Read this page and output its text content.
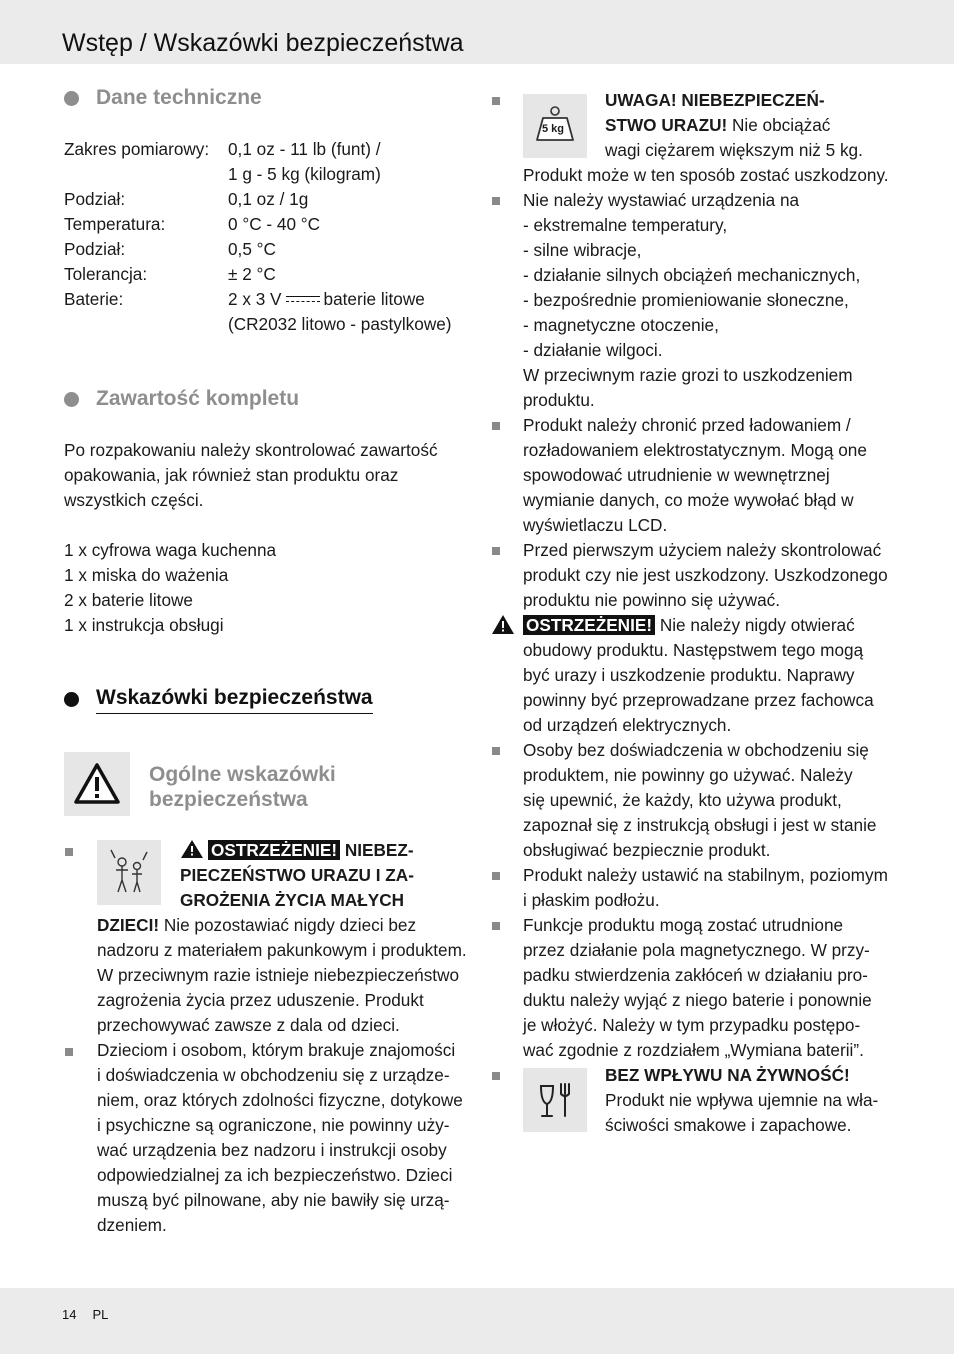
Wstęp / Wskazówki bezpieczeństwa
14 PL
Dane techniczne
Zakres pomiarowy:	0,1 oz - 11 lb (funt) /
	1 g - 5 kg (kilogram)
Podział:	0,1 oz / 1g
Temperatura:	0 °C - 40 °C
Podział:	0,5 °C
Tolerancja:	± 2 °C
Baterie:	2 x 3 V baterie litowe
	(CR2032 litowo - pastylkowe)
Zawartość kompletu
Po rozpakowaniu należy skontrolować zawartość
opakowania, jak również stan produktu oraz
wszystkich części.
1 x cyfrowa waga kuchenna
1 x miska do ważenia
2 x baterie litowe
1 x instrukcja obsługi
Wskazówki bezpieczeństwa
Ogólne wskazówki
bezpieczeństwa
OSTRZEŻENIE! NIEBEZ-
PIECZEŃSTWO URAZU I ZA-
GROŻENIA ŻYCIA MAŁYCH
DZIECI! Nie pozostawiać nigdy dzieci bez
nadzoru z materiałem pakunkowym i produktem.
W przeciwnym razie istnieje niebezpieczeństwo
zagrożenia życia przez uduszenie. Produkt
przechowywać zawsze z dala od dzieci.
Dzieciom i osobom, którym brakuje znajomości
i doświadczenia w obchodzeniu się z urządze-
niem, oraz których zdolności fizyczne, dotykowe
i psychiczne są ograniczone, nie powinny uży-
wać urządzenia bez nadzoru i instrukcji osoby
odpowiedzialnej za ich bezpieczeństwo. Dzieci
muszą być pilnowane, aby nie bawiły się urzą-
dzeniem.
5 kg
UWAGA! NIEBEZPIECZEŃ-
STWO URAZU! Nie obciążać
wagi ciężarem większym niż 5 kg.
Produkt może w ten sposób zostać uszkodzony.
Nie należy wystawiać urządzenia na
- ekstremalne temperatury,
- silne wibracje,
- działanie silnych obciążeń mechanicznych,
- bezpośrednie promieniowanie słoneczne,
- magnetyczne otoczenie,
- działanie wilgoci.
W przeciwnym razie grozi to uszkodzeniem
produktu.
Produkt należy chronić przed ładowaniem /
rozładowaniem elektrostatycznym. Mogą one
spowodować utrudnienie w wewnętrznej
wymianie danych, co może wywołać błąd w
wyświetlaczu LCD.
Przed pierwszym użyciem należy skontrolować
produkt czy nie jest uszkodzony. Uszkodzonego
produktu nie powinno się używać.
OSTRZEŻENIE! Nie należy nigdy otwierać
obudowy produktu. Następstwem tego mogą
być urazy i uszkodzenie produktu. Naprawy
powinny być przeprowadzane przez fachowca
od urządzeń elektrycznych.
Osoby bez doświadczenia w obchodzeniu się
produktem, nie powinny go używać. Należy
się upewnić, że każdy, kto używa produkt,
zapoznał się z instrukcją obsługi i jest w stanie
obsługiwać bezpiecznie produkt.
Produkt należy ustawić na stabilnym, poziomym
i płaskim podłożu.
Funkcje produktu mogą zostać utrudnione
przez działanie pola magnetycznego. W przy-
padku stwierdzenia zakłóceń w działaniu pro-
duktu należy wyjąć z niego baterie i ponownie
je włożyć. Należy w tym przypadku postępo-
wać zgodnie z rozdziałem „Wymiana baterii”.
BEZ WPŁYWU NA ŻYWNOŚĆ!
Produkt nie wpływa ujemnie na wła-
ściwości smakowe i zapachowe.
